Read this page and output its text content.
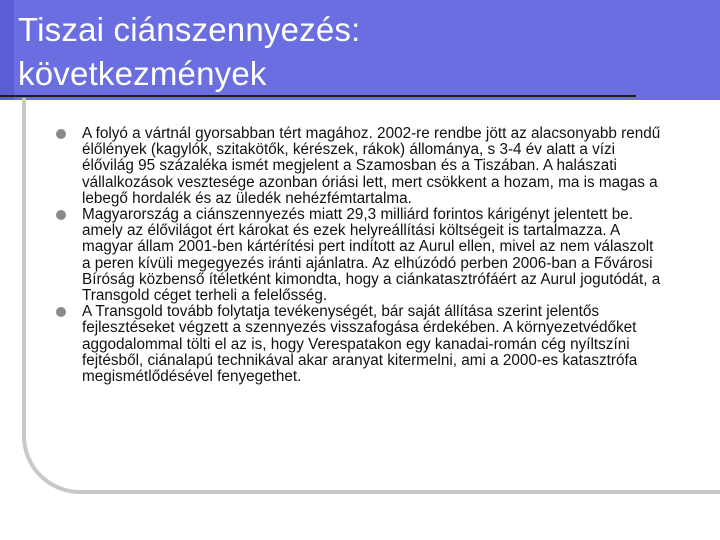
Tiszai ciánszennyezés:
következmények
A folyó a vártnál gyorsabban tért magához. 2002-re rendbe jött az alacsonyabb rendű élőlények (kagylók, szitakötők, kérészek, rákok) állománya, s 3-4 év alatt a vízi élővilág 95 százaléka ismét megjelent a Szamosban és a Tiszában. A halászati vállalkozások vesztesége azonban óriási lett, mert csökkent a hozam, ma is magas a lebegő hordalék és az üledék nehézfémtartalma.
Magyarország a ciánszennyezés miatt 29,3 milliárd forintos kárigényt jelentett be. amely az élővilágot ért károkat és ezek helyreállítási költségeit is tartalmazza. A magyar állam 2001-ben kártérítési pert indított az Aurul ellen, mivel az nem válaszolt a peren kívüli megegyezés iránti ajánlatra. Az elhúzódó perben 2006-ban a Fővárosi Bíróság közbenső ítéletként kimondta, hogy a ciánkatasztrófáért az Aurul jogutódát, a Transgold céget terheli a felelősség.
A Transgold tovább folytatja tevékenységét, bár saját állítása szerint jelentős fejlesztéseket végzett a szennyezés visszafogása érdekében. A környezetvédőket aggodalommal tölti el az is, hogy Verespatakon egy kanadai-román cég nyíltszíni fejtésből, ciánalapú technikával akar aranyat kitermelni, ami a 2000-es katasztrófa megismétlődésével fenyegethet.
